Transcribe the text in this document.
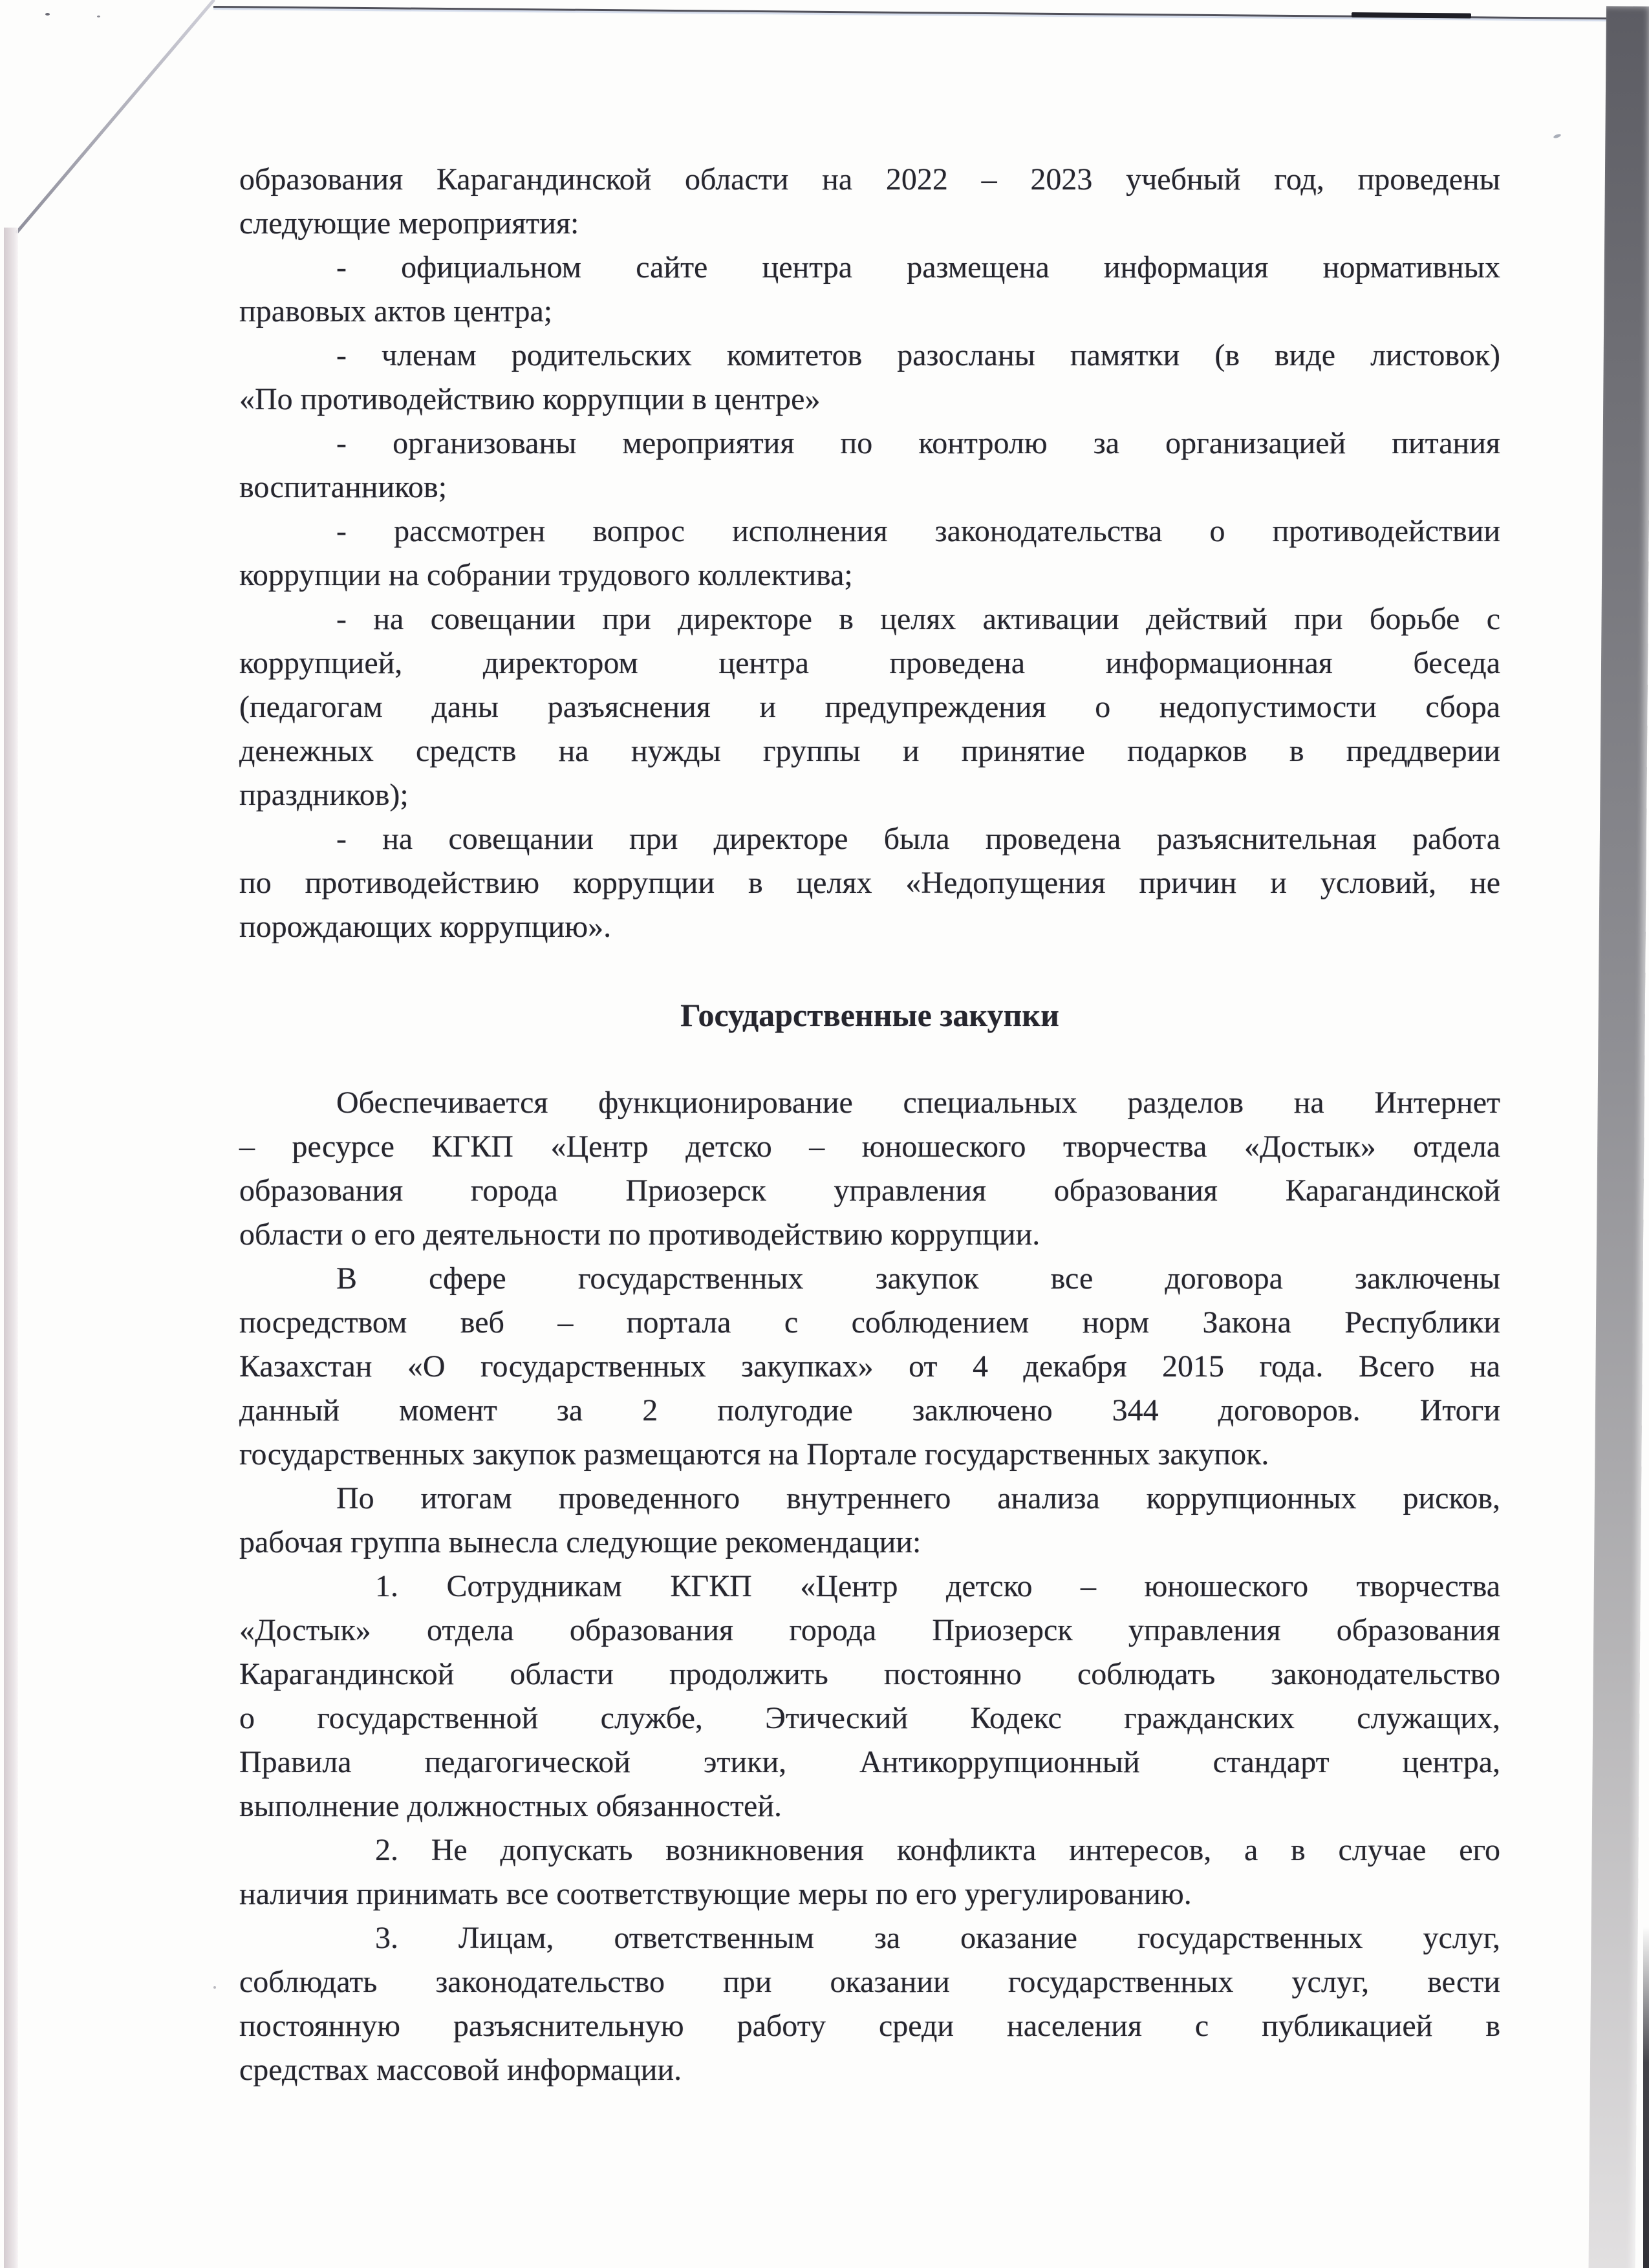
образования Карагандинской области на 2022 – 2023 учебный год, проведены
следующие мероприятия:
- официальном сайте центра размещена информация нормативных
правовых актов центра;
- членам родительских комитетов разосланы памятки (в виде листовок)
«По противодействию коррупции в центре»
- организованы мероприятия по контролю за организацией питания
воспитанников;
- рассмотрен вопрос исполнения законодательства о противодействии
коррупции на собрании трудового коллектива;
- на совещании при директоре в целях активации действий при борьбе с
коррупцией, директором центра проведена информационная беседа
(педагогам даны разъяснения и предупреждения о недопустимости сбора
денежных средств на нужды группы и принятие подарков в преддверии
праздников);
- на совещании при директоре была проведена разъяснительная работа
по противодействию коррупции в целях «Недопущения причин и условий, не
порождающих коррупцию».
Государственные закупки
Обеспечивается функционирование специальных разделов на Интернет
– ресурсе КГКП «Центр детско – юношеского творчества «Достык» отдела
образования города Приозерск управления образования Карагандинской
области о его деятельности по противодействию коррупции.
В сфере государственных закупок все договора заключены
посредством веб – портала с соблюдением норм Закона Республики
Казахстан «О государственных закупках» от 4 декабря 2015 года. Всего на
данный момент за 2 полугодие заключено 344 договоров. Итоги
государственных закупок размещаются на Портале государственных закупок.
По итогам проведенного внутреннего анализа коррупционных рисков,
рабочая группа вынесла следующие рекомендации:
1. Сотрудникам КГКП «Центр детско – юношеского творчества
«Достык» отдела образования города Приозерск управления образования
Карагандинской области продолжить постоянно соблюдать законодательство
о государственной службе, Этический Кодекс гражданских служащих,
Правила педагогической этики, Антикоррупционный стандарт центра,
выполнение должностных обязанностей.
2. Не допускать возникновения конфликта интересов, а в случае его
наличия принимать все соответствующие меры по его урегулированию.
3. Лицам, ответственным за оказание государственных услуг,
соблюдать законодательство при оказании государственных услуг, вести
постоянную разъяснительную работу среди населения с публикацией в
средствах массовой информации.
